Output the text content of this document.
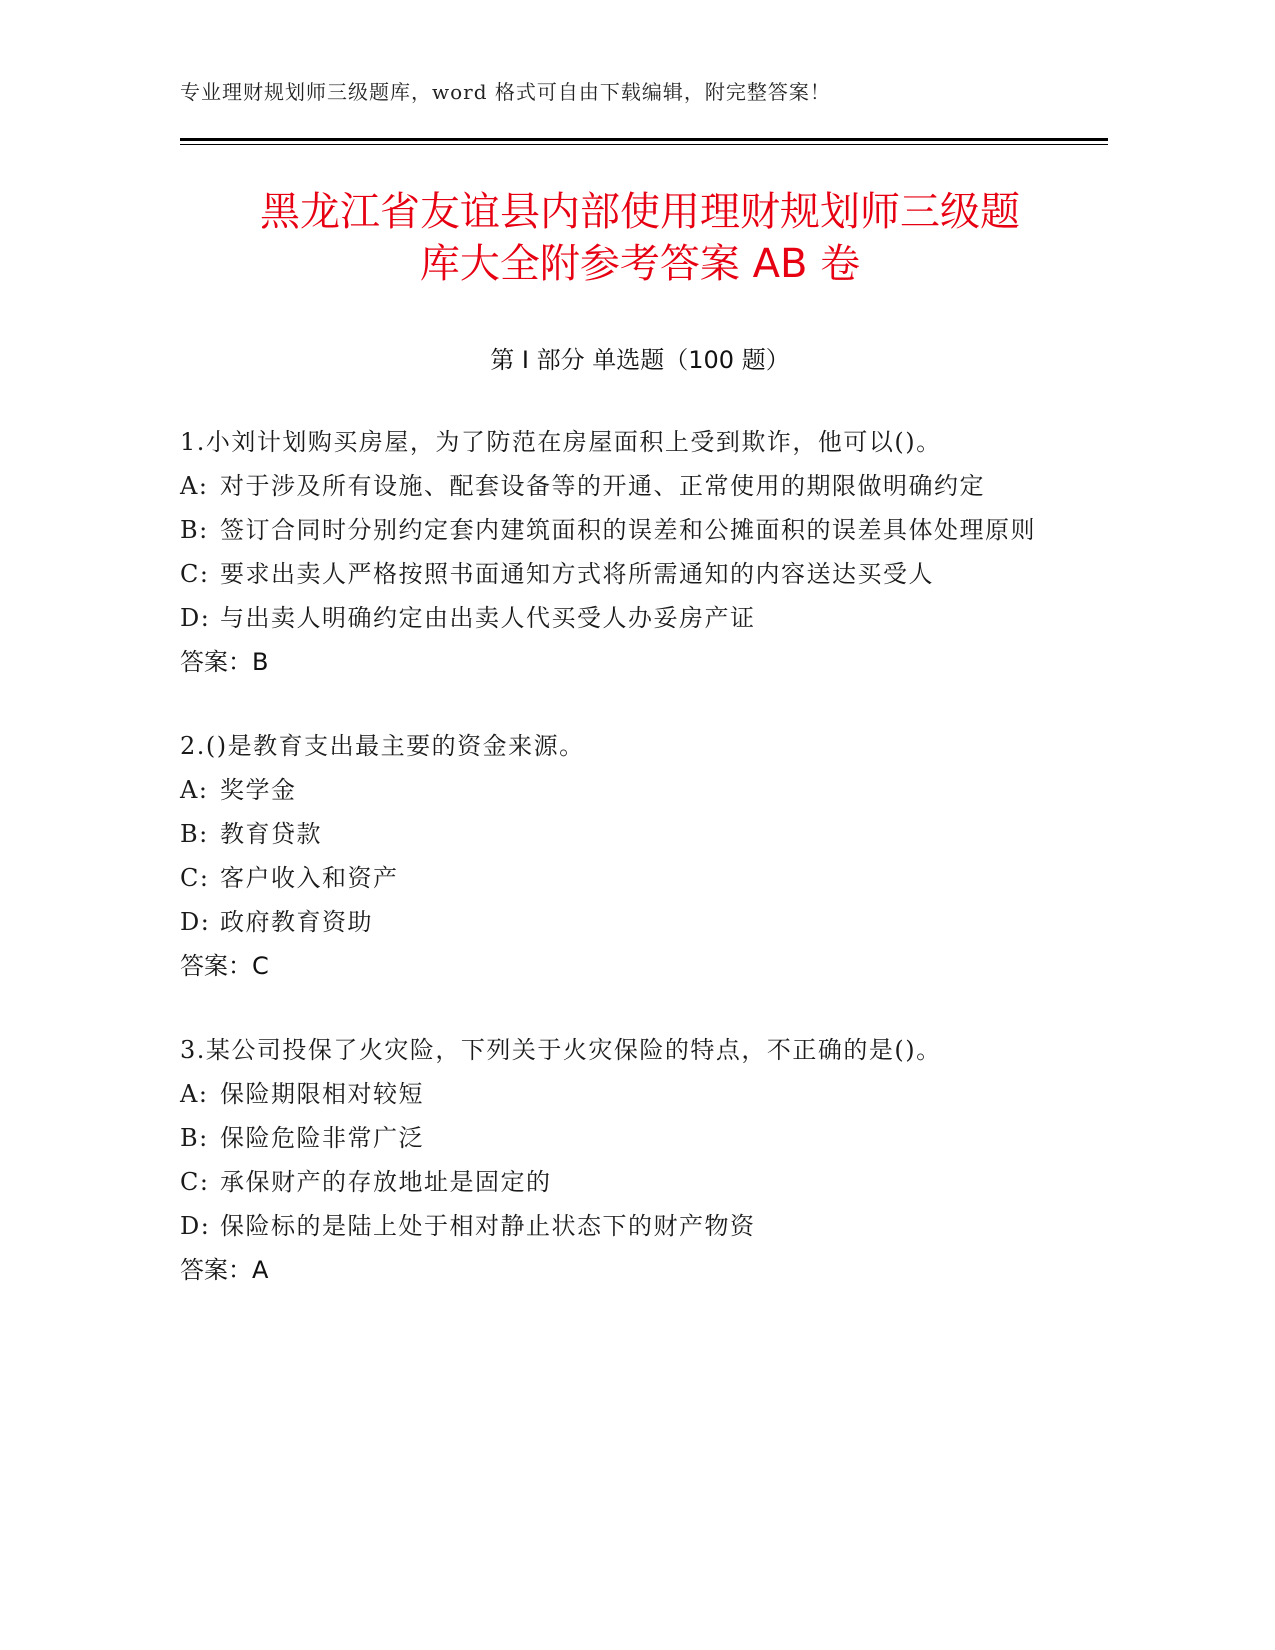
专业理财规划师三级题库，word 格式可自由下载编辑，附完整答案！
黑龙江省友谊县内部使用理财规划师三级题
库大全附参考答案 AB 卷
第 I 部分 单选题（100 题）
1.小刘计划购买房屋，为了防范在房屋面积上受到欺诈，他可以()。
A: 对于涉及所有设施、配套设备等的开通、正常使用的期限做明确约定
B: 签订合同时分别约定套内建筑面积的误差和公摊面积的误差具体处理原则
C: 要求出卖人严格按照书面通知方式将所需通知的内容送达买受人
D: 与出卖人明确约定由出卖人代买受人办妥房产证
答案：B
2.()是教育支出最主要的资金来源。
A: 奖学金
B: 教育贷款
C: 客户收入和资产
D: 政府教育资助
答案：C
3.某公司投保了火灾险，下列关于火灾保险的特点，不正确的是()。
A: 保险期限相对较短
B: 保险危险非常广泛
C: 承保财产的存放地址是固定的
D: 保险标的是陆上处于相对静止状态下的财产物资
答案：A
